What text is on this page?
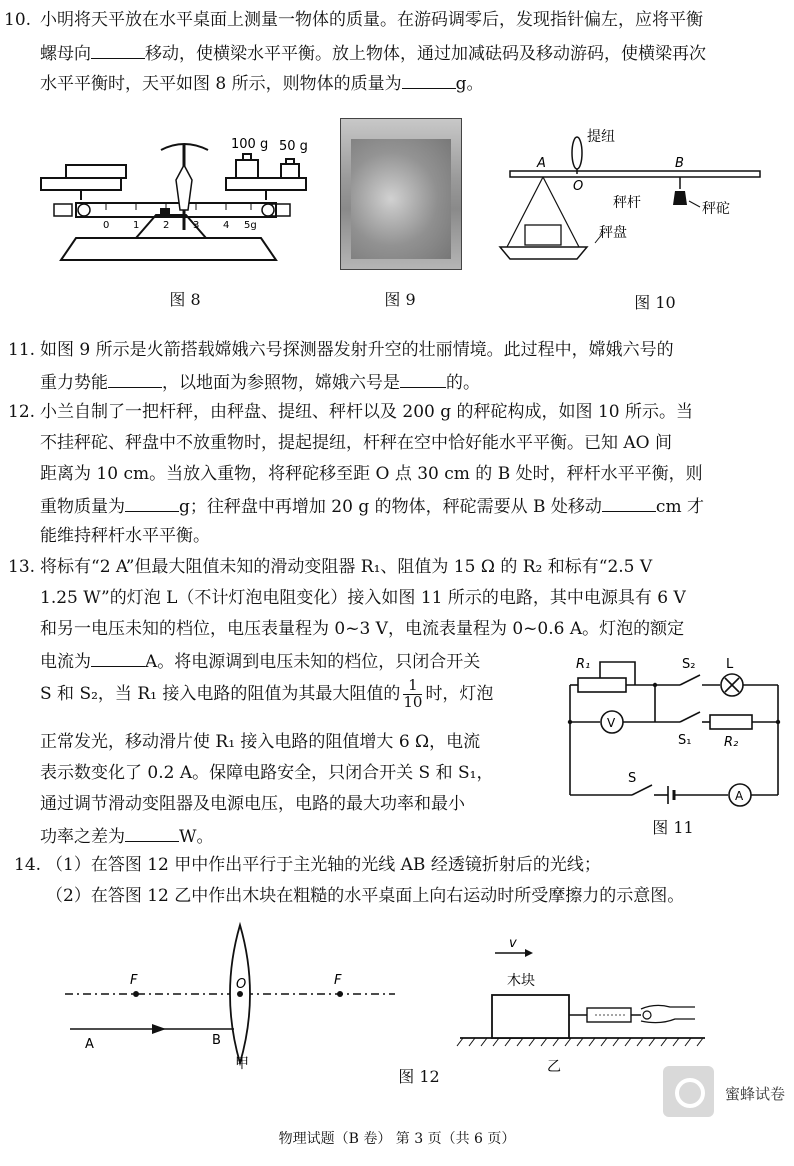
10. 小明将天平放在水平桌面上测量一物体的质量。在游码调零后，发现指针偏左，应将平衡
螺母向	移动，使横梁水平平衡。放上物体，通过加减砝码及移动游码，使横梁再次
水平平衡时，天平如图 8 所示，则物体的质量为	g。
100 g 50 g
0 1 2 3 4 5g
图 8	图 9
A
O
B
提纽
秤杆	秤砣
秤盘
图 10
11. 如图 9 所示是火箭搭载嫦娥六号探测器发射升空的壮丽情境。此过程中，嫦娥六号的
重力势能	，以地面为参照物，嫦娥六号是	的。
12. 小兰自制了一把杆秤，由秤盘、提纽、秤杆以及 200 g 的秤砣构成，如图 10 所示。当
不挂秤砣、秤盘中不放重物时，提起提纽，杆秤在空中恰好能水平平衡。已知 AO 间
距离为 10 cm。当放入重物，将秤砣移至距 O 点 30 cm 的 B 处时，秤杆水平平衡，则
重物质量为	g；往秤盘中再增加 20 g 的物体，秤砣需要从 B 处移动	cm 才
能维持秤杆水平平衡。
13. 将标有“2 A”但最大阻值未知的滑动变阻器 R₁、阻值为 15 Ω 的 R₂ 和标有“2.5 V
1.25 W”的灯泡 L（不计灯泡电阻变化）接入如图 11 所示的电路，其中电源具有 6 V
和另一电压未知的档位，电压表量程为 0~3 V，电流表量程为 0~0.6 A。灯泡的额定
电流为	A。将电源调到电压未知的档位，只闭合开关
S 和 S₂，当 R₁ 接入电路的阻值为其最大阻值的 $\frac{1}{10}$ 时，灯泡
正常发光，移动滑片使 R₁ 接入电路的阻值增大 6 Ω，电流
表示数变化了 0.2 A。保障电路安全，只闭合开关 S 和 S₁，
通过调节滑动变阻器及电源电压，电路的最大功率和最小
功率之差为	W。
R₁	S₂ L
V
S₁	R₂
S
A
图 11
14. （1）在答图 12 甲中作出平行于主光轴的光线 AB 经透镜折射后的光线；
（2）在答图 12 乙中作出木块在粗糙的水平桌面上向右运动时所受摩擦力的示意图。
F	O	F
A	B
甲
v
木块
乙
图 12
蜜蜂试卷
物理试题（B 卷） 第 3 页（共 6 页）
